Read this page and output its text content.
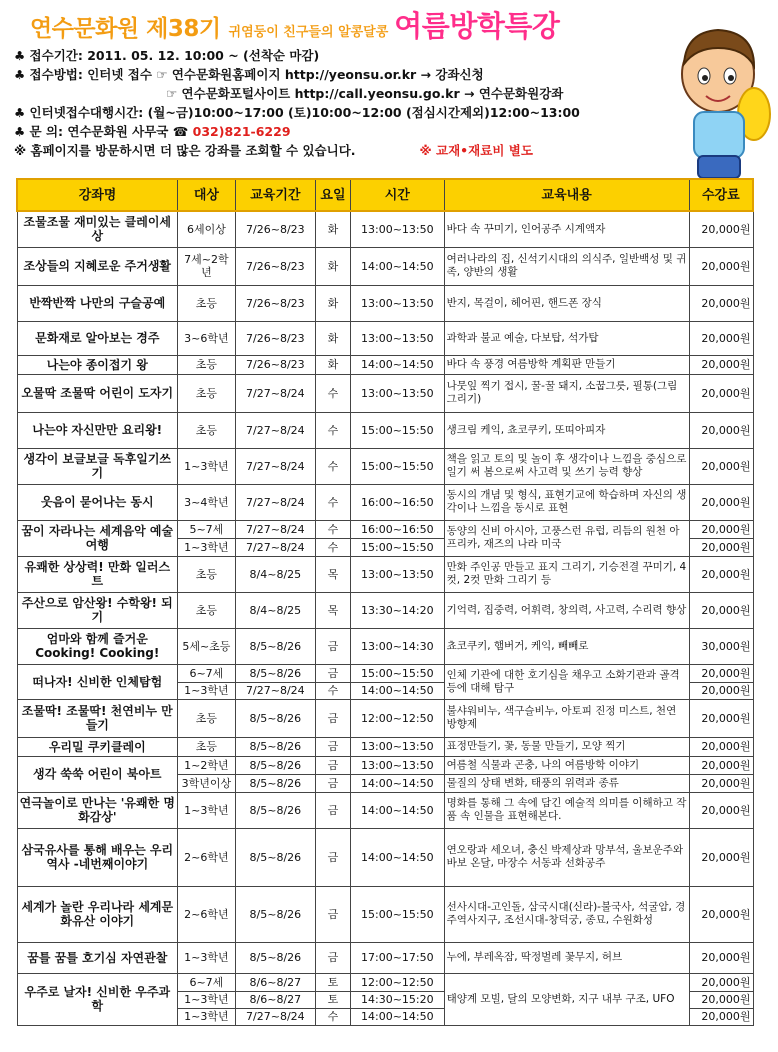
연수문화원 제38기 귀염둥이 친구들의 알콩달콩 여름방학특강
♣ 접수기간: 2011. 05. 12. 10:00 ~ (선착순 마감)
♣ 접수방법: 인터넷 접수 ☞ 연수문화원홈페이지 http://yeonsu.or.kr → 강좌신청
☞ 연수문화포털사이트 http://call.yeonsu.go.kr → 연수문화원강좌
♣ 인터넷접수대행시간: (월~금)10:00~17:00 (토)10:00~12:00 (점심시간제외)12:00~13:00
♣ 문 의: 연수문화원 사무국 ☎ 032)821-6229
※ 홈페이지를 방문하시면 더 많은 강좌를 조회할 수 있습니다.	※ 교재•재료비 별도
강좌명	대상	교육기간	요일	시간	교육내용	수강료
조물조물 재미있는 클레이세상	6세이상	7/26~8/23	화	13:00~13:50	바다 속 꾸미기, 인어공주 시계액자	20,000원
조상들의 지혜로운 주거생활	7세~2학년	7/26~8/23	화	14:00~14:50	여러나라의 집, 신석기시대의 의식주, 일반백성 및 귀족, 양반의 생활	20,000원
반짝반짝 나만의 구슬공예	초등	7/26~8/23	화	13:00~13:50	반지, 목걸이, 헤어핀, 핸드폰 장식	20,000원
문화재로 알아보는 경주	3~6학년	7/26~8/23	화	13:00~13:50	과학과 불교 예술, 다보탑, 석가탑	20,000원
나는야 종이접기 왕	초등	7/26~8/23	화	14:00~14:50	바다 속 풍경 여름방학 계획판 만들기	20,000원
오물딱 조물딱 어린이 도자기	초등	7/27~8/24	수	13:00~13:50	나뭇잎 찍기 접시, 꿀-꿀 돼지, 소꿉그릇, 필통(그림 그리기)	20,000원
나는야 자신만만 요리왕!	초등	7/27~8/24	수	15:00~15:50	생크림 케익, 쵸코쿠키, 또띠아피자	20,000원
생각이 보글보글 독후일기쓰기	1~3학년	7/27~8/24	수	15:00~15:50	책을 읽고 토의 및 놀이 후 생각이나 느낌을 중심으로 일기 써 봄으로써 사고력 및 쓰기 능력 향상	20,000원
웃음이 묻어나는 동시	3~4학년	7/27~8/24	수	16:00~16:50	동시의 개념 및 형식, 표현기교에 학습하며 자신의 생각이나 느낌을 동시로 표현	20,000원
꿈이 자라나는 세계음악 예술여행	5~7세	7/27~8/24	수	16:00~16:50	동양의 신비 아시아, 고풍스런 유럽, 리듬의 원천 아프리카, 재즈의 나라 미국	20,000원
	1~3학년	7/27~8/24	수	15:00~15:50		20,000원
유쾌한 상상력! 만화 일러스트	초등	8/4~8/25	목	13:00~13:50	만화 주인공 만들고 표지 그리기, 기승전결 꾸미기, 4컷, 2컷 만화 그리기 등	20,000원
주산으로 암산왕! 수학왕! 되기	초등	8/4~8/25	목	13:30~14:20	기억력, 집중력, 어휘력, 창의력, 사고력, 수리력 향상	20,000원
엄마와 함께 즐거운 Cooking! Cooking!	5세~초등	8/5~8/26	금	13:00~14:30	쵸코쿠키, 햄버거, 케익, 빼빼로	30,000원
떠나자! 신비한 인체탐험	6~7세	8/5~8/26	금	15:00~15:50	인체 기관에 대한 호기심을 채우고 소화기관과 골격 등에 대해 탐구	20,000원
	1~3학년	7/27~8/24	수	14:00~14:50		20,000원
조물딱! 조물딱! 천연비누 만들기	초등	8/5~8/26	금	12:00~12:50	불샤워비누, 색구슬비누, 아토피 진정 미스트, 천연 방향제	20,000원
우리밀 쿠키클레이	초등	8/5~8/26	금	13:00~13:50	표정만들기, 꽃, 동물 만들기, 모양 찍기	20,000원
생각 쑥쑥 어린이 북아트	1~2학년	8/5~8/26	금	13:00~13:50	여름철 식물과 곤충, 나의 여름방학 이야기	20,000원
	3학년이상	8/5~8/26	금	14:00~14:50	물질의 상태 변화, 태풍의 위력과 종류	20,000원
연극놀이로 만나는 '유쾌한 명화감상'	1~3학년	8/5~8/26	금	14:00~14:50	명화를 통해 그 속에 담긴 예술적 의미를 이해하고 작품 속 인물을 표현해본다.	20,000원
삼국유사를 통해 배우는 우리역사 -네번째이야기	2~6학년	8/5~8/26	금	14:00~14:50	연오랑과 세오녀, 충신 박제상과 망부석, 울보운주와 바보 온달, 마장수 서동과 선화공주	20,000원
세계가 놀란 우리나라 세계문화유산 이야기	2~6학년	8/5~8/26	금	15:00~15:50	선사시대-고인돌, 삼국시대(신라)-불국사, 석굴암, 경주역사지구, 조선시대-창덕궁, 종묘, 수원화성	20,000원
꿈틀 꿈틀 호기심 자연관찰	1~3학년	8/5~8/26	금	17:00~17:50	누에, 부레옥잠, 딱정벌레 꽃무지, 허브	20,000원
우주로 날자! 신비한 우주과학	6~7세	8/6~8/27	토	12:00~12:50	태양계 모빌, 달의 모양변화, 지구 내부 구조, UFO	20,000원
	1~3학년	8/6~8/27	토	14:30~15:20		20,000원
	1~3학년	7/27~8/24	수	14:00~14:50		20,000원
